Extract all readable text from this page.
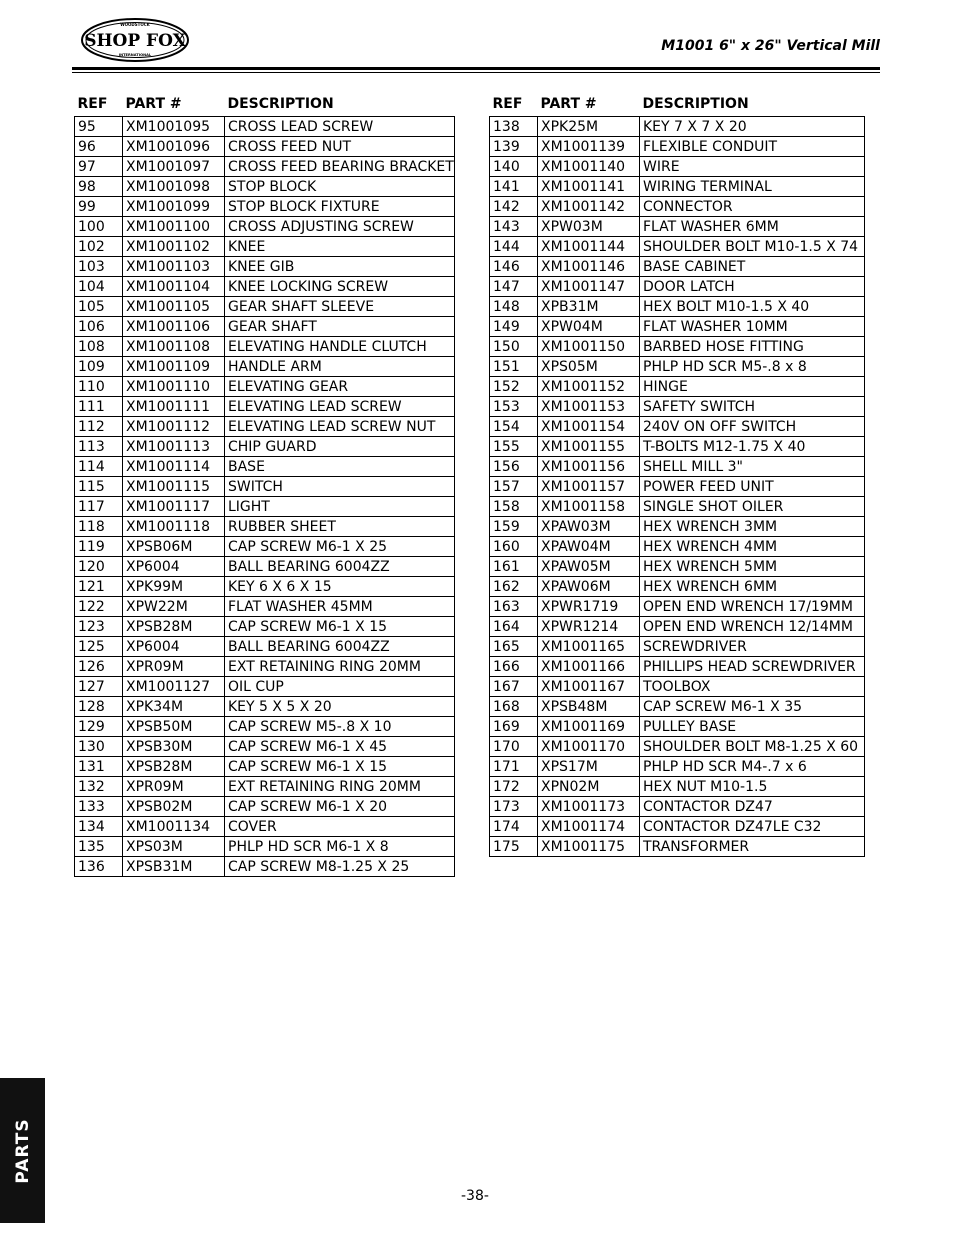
WOODSTOCK
SHOP FOX
INTERNATIONAL
M1001 6" x 26" Vertical Mill
REF	PART #	DESCRIPTION
95	XM1001095	CROSS LEAD SCREW
96	XM1001096	CROSS FEED NUT
97	XM1001097	CROSS FEED BEARING BRACKET
98	XM1001098	STOP BLOCK
99	XM1001099	STOP BLOCK FIXTURE
100	XM1001100	CROSS ADJUSTING SCREW
102	XM1001102	KNEE
103	XM1001103	KNEE GIB
104	XM1001104	KNEE LOCKING SCREW
105	XM1001105	GEAR SHAFT SLEEVE
106	XM1001106	GEAR SHAFT
108	XM1001108	ELEVATING HANDLE CLUTCH
109	XM1001109	HANDLE ARM
110	XM1001110	ELEVATING GEAR
111	XM1001111	ELEVATING LEAD SCREW
112	XM1001112	ELEVATING LEAD SCREW NUT
113	XM1001113	CHIP GUARD
114	XM1001114	BASE
115	XM1001115	SWITCH
117	XM1001117	LIGHT
118	XM1001118	RUBBER SHEET
119	XPSB06M	CAP SCREW M6-1 X 25
120	XP6004	BALL BEARING 6004ZZ
121	XPK99M	KEY 6 X 6 X 15
122	XPW22M	FLAT WASHER 45MM
123	XPSB28M	CAP SCREW M6-1 X 15
125	XP6004	BALL BEARING 6004ZZ
126	XPR09M	EXT RETAINING RING 20MM
127	XM1001127	OIL CUP
128	XPK34M	KEY 5 X 5 X 20
129	XPSB50M	CAP SCREW M5-.8 X 10
130	XPSB30M	CAP SCREW M6-1 X 45
131	XPSB28M	CAP SCREW M6-1 X 15
132	XPR09M	EXT RETAINING RING 20MM
133	XPSB02M	CAP SCREW M6-1 X 20
134	XM1001134	COVER
135	XPS03M	PHLP HD SCR M6-1 X 8
136	XPSB31M	CAP SCREW M8-1.25 X 25
REF	PART #	DESCRIPTION
138	XPK25M	KEY 7 X 7 X 20
139	XM1001139	FLEXIBLE CONDUIT
140	XM1001140	WIRE
141	XM1001141	WIRING TERMINAL
142	XM1001142	CONNECTOR
143	XPW03M	FLAT WASHER 6MM
144	XM1001144	SHOULDER BOLT M10-1.5 X 74
146	XM1001146	BASE CABINET
147	XM1001147	DOOR LATCH
148	XPB31M	HEX BOLT M10-1.5 X 40
149	XPW04M	FLAT WASHER 10MM
150	XM1001150	BARBED HOSE FITTING
151	XPS05M	PHLP HD SCR M5-.8 x 8
152	XM1001152	HINGE
153	XM1001153	SAFETY SWITCH
154	XM1001154	240V ON OFF SWITCH
155	XM1001155	T-BOLTS M12-1.75 X 40
156	XM1001156	SHELL MILL 3"
157	XM1001157	POWER FEED UNIT
158	XM1001158	SINGLE SHOT OILER
159	XPAW03M	HEX WRENCH 3MM
160	XPAW04M	HEX WRENCH 4MM
161	XPAW05M	HEX WRENCH 5MM
162	XPAW06M	HEX WRENCH 6MM
163	XPWR1719	OPEN END WRENCH 17/19MM
164	XPWR1214	OPEN END WRENCH 12/14MM
165	XM1001165	SCREWDRIVER
166	XM1001166	PHILLIPS HEAD SCREWDRIVER
167	XM1001167	TOOLBOX
168	XPSB48M	CAP SCREW M6-1 X 35
169	XM1001169	PULLEY BASE
170	XM1001170	SHOULDER BOLT M8-1.25 X 60
171	XPS17M	PHLP HD SCR M4-.7 x 6
172	XPN02M	HEX NUT M10-1.5
173	XM1001173	CONTACTOR DZ47
174	XM1001174	CONTACTOR DZ47LE C32
175	XM1001175	TRANSFORMER
PARTS
-38-
